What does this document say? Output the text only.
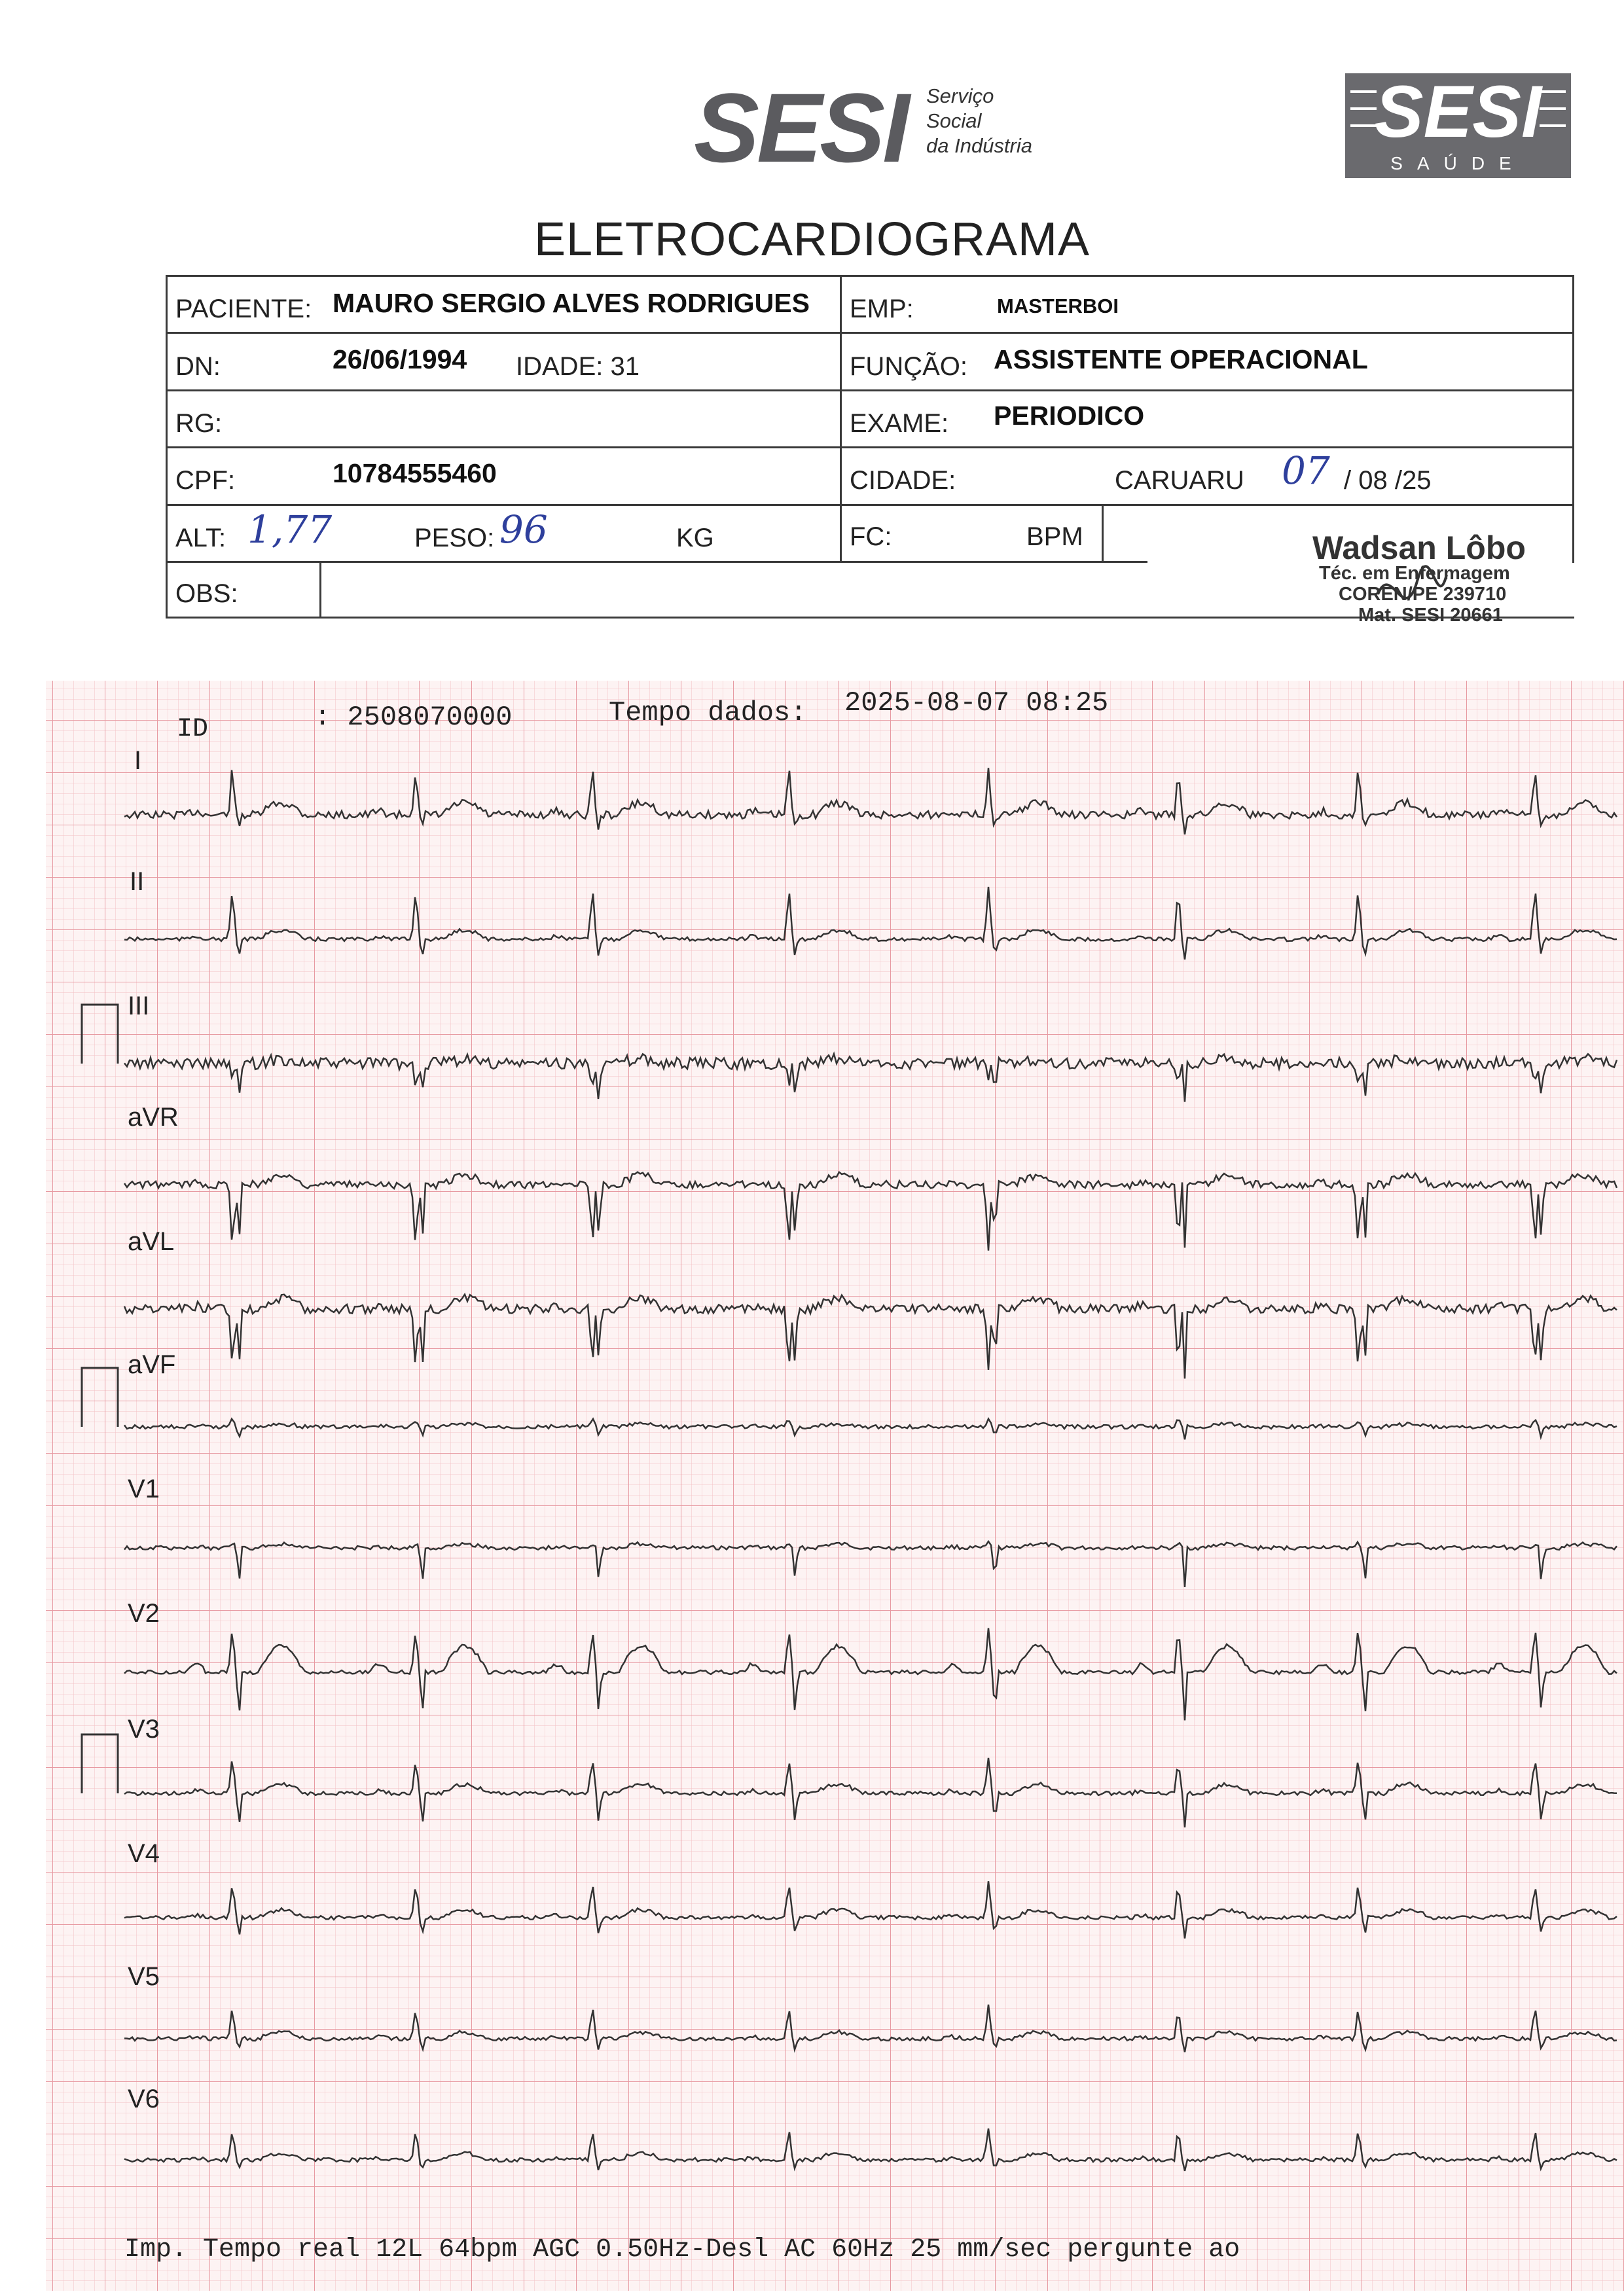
SESI Serviço
Social
da Indústria	SESI
SAÚDE
ELETROCARDIOGRAMA
PACIENTE: MAURO SERGIO ALVES RODRIGUES EMP:	MASTERBOI
DN:	26/06/1994 IDADE: 31	FUNÇÃO: ASSISTENTE OPERACIONAL
RG:	EXAME: PERIODICO
CPF:	10784555460	CIDADE:	CARUARU 07 / 08 /25
ALT: 1,77	PESO: 96	KG	FC:	BPM
OBS:
Wadsan Lôbo
Téc. em Enfermagem
COREN/PE 239710
Mat. SESI 20661
ID	: 2508070000	Tempo dados: 2025-08-07 08:25
I
II
III
aVR
aVL
aVF
V1
V2
V3
V4
V5
V6
Imp. Tempo real 12L 64bpm AGC 0.50Hz-Desl AC 60Hz 25 mm/sec pergunte ao
